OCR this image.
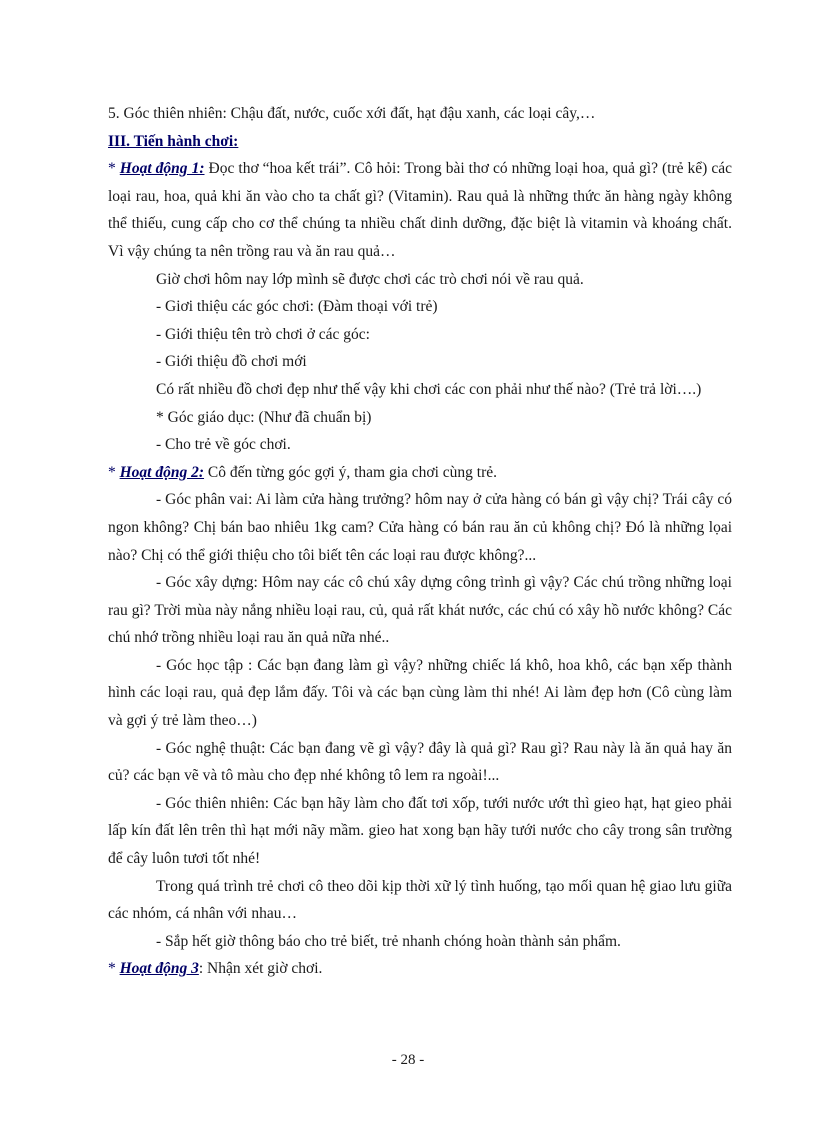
5. Góc thiên nhiên: Chậu đất, nước, cuốc xới đất, hạt đậu xanh, các loại cây,…

III. Tiến hành chơi:

* Hoạt động 1: Đọc thơ “hoa kết trái”. Cô hỏi: Trong bài thơ có những loại hoa, quả gì? (trẻ kể) các loại rau, hoa, quả khi ăn vào cho ta chất gì? (Vitamin). Rau quả là những thức ăn hàng ngày không thể thiếu, cung cấp cho cơ thể chúng ta nhiều chất dinh dưỡng, đặc biệt là vitamin và khoáng chất. Vì vậy chúng ta nên trồng rau và ăn rau quả…

Giờ chơi hôm nay lớp mình sẽ được chơi các trò chơi nói về rau quả.

- Giơi thiệu các góc chơi: (Đàm thoại với trẻ)

- Giới thiệu tên trò chơi ở các góc:

- Giới thiệu đồ chơi mới

Có rất nhiều đồ chơi đẹp như thế vậy khi chơi các con phải như thế nào? (Trẻ trả lời….)

* Góc giáo dục: (Như đã chuẩn bị)

- Cho trẻ về góc chơi.

* Hoạt động 2: Cô đến từng góc gợi ý, tham gia chơi cùng trẻ.

- Góc phân vai: Ai làm cửa hàng trưởng? hôm nay ở cửa hàng có bán gì vậy chị? Trái cây có ngon không? Chị bán bao nhiêu 1kg cam? Cửa hàng có bán rau ăn củ không chị? Đó là những lọai nào? Chị có thể giới thiệu cho tôi biết tên các loại rau được không?...

- Góc xây dựng: Hôm nay các cô chú xây dựng công trình gì vậy? Các chú trồng những loại rau gì? Trời mùa này nắng nhiều loại rau, củ, quả rất khát nước, các chú có xây hồ nước không? Các chú nhớ trồng nhiều loại rau ăn quả nữa nhé..

- Góc học tập : Các bạn đang làm gì vậy? những chiếc lá khô, hoa khô, các bạn xếp thành hình các loại rau, quả đẹp lắm đấy. Tôi và các bạn cùng làm thi nhé! Ai làm đẹp hơn (Cô cùng làm và gợi ý trẻ làm theo…)

- Góc nghệ thuật: Các bạn đang vẽ gì vậy? đây là quả gì? Rau gì? Rau này là ăn quả hay ăn củ? các bạn vẽ và tô màu cho đẹp nhé không tô lem ra ngoài!...

- Góc thiên nhiên: Các bạn hãy làm cho đất tơi xốp, tưới nước ướt thì gieo hạt, hạt gieo phải lấp kín đất lên trên thì hạt mới nãy mầm. gieo hat xong bạn hãy tưới nước cho cây trong sân trường để cây luôn tươi tốt nhé!

Trong quá trình trẻ chơi cô theo dõi kịp thời xữ lý tình huống, tạo mối quan hệ giao lưu giữa các nhóm, cá nhân với nhau…

- Sắp hết giờ thông báo cho trẻ biết, trẻ nhanh chóng hoàn thành sản phẩm.

* Hoạt động 3: Nhận xét giờ chơi.

- 28 -
